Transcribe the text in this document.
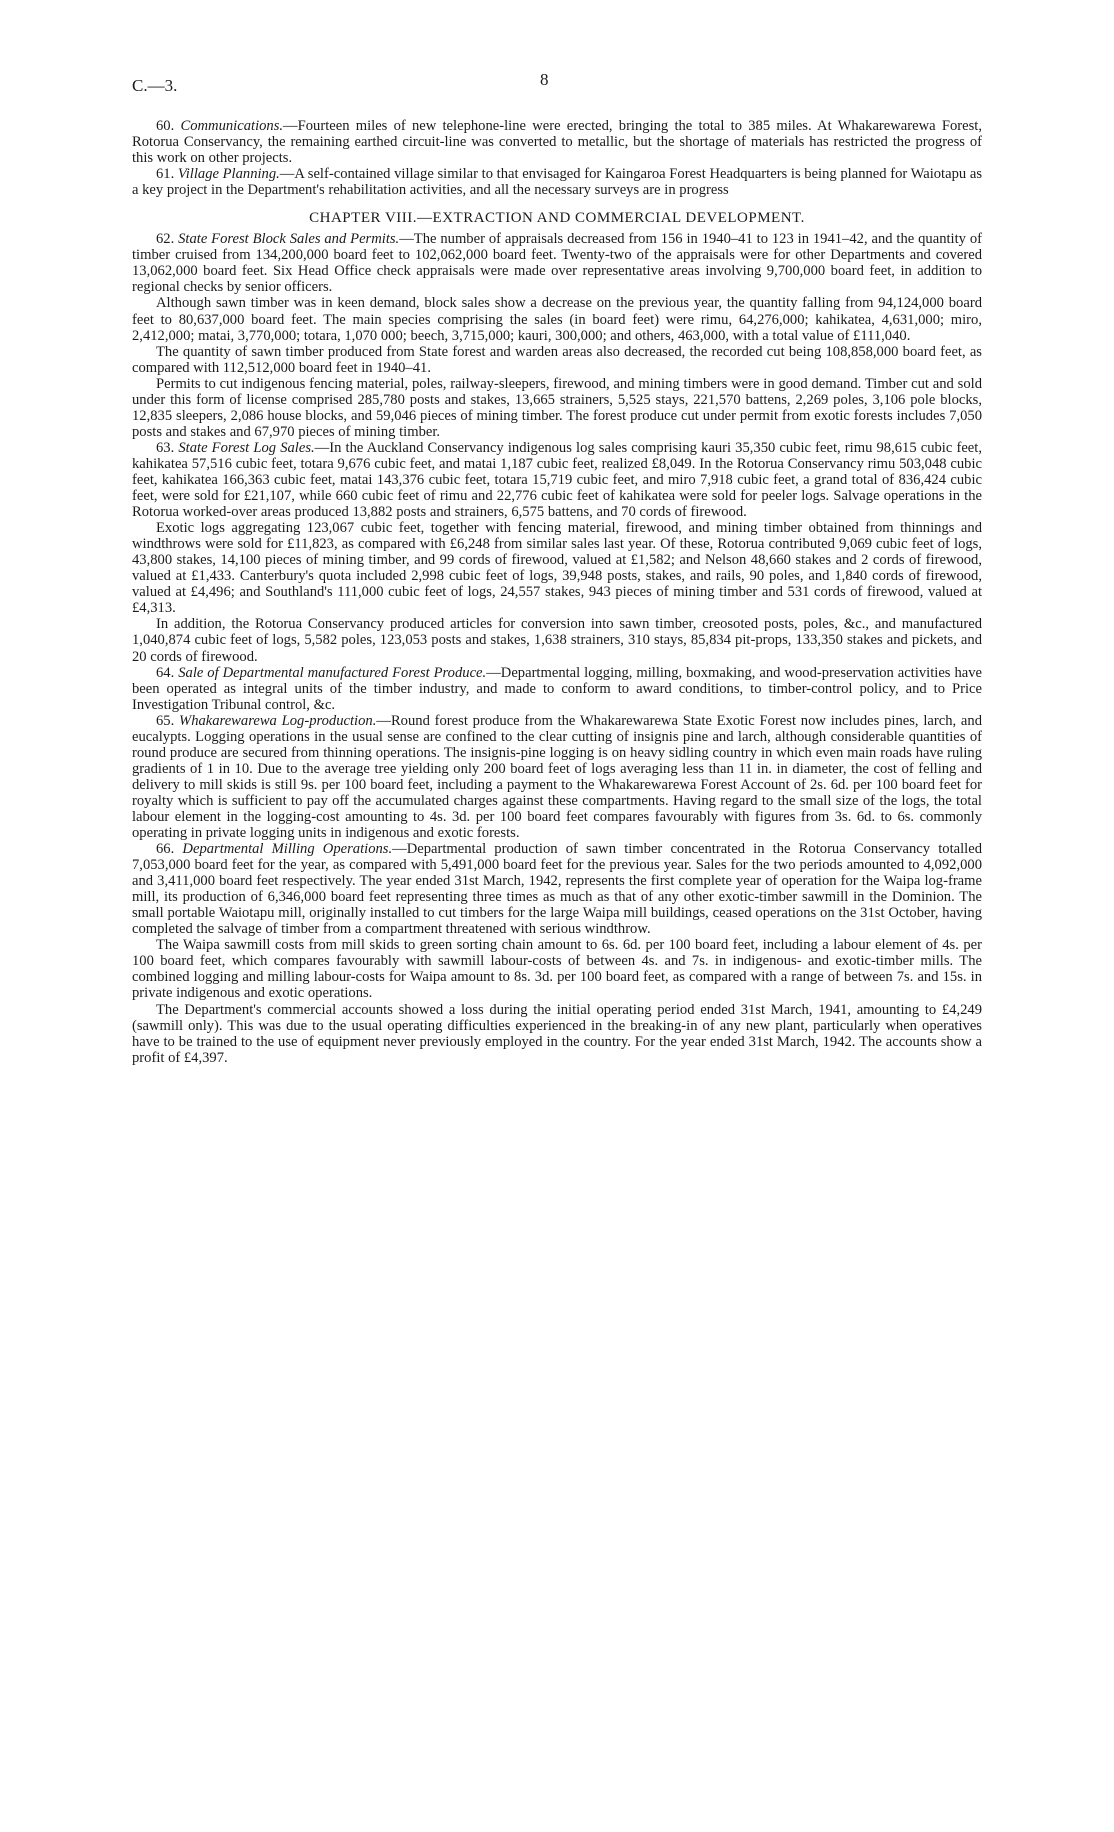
C.—3.	8

60. Communications.—Fourteen miles of new telephone-line were erected, bringing the total to 385 miles. At Whakarewarewa Forest, Rotorua Conservancy, the remaining earthed circuit-line was converted to metallic, but the shortage of materials has restricted the progress of this work on other projects.

61. Village Planning.—A self-contained village similar to that envisaged for Kaingaroa Forest Headquarters is being planned for Waiotapu as a key project in the Department's rehabilitation activities, and all the necessary surveys are in progress

CHAPTER VIII.—EXTRACTION AND COMMERCIAL DEVELOPMENT.

62. State Forest Block Sales and Permits.—The number of appraisals decreased from 156 in 1940–41 to 123 in 1941–42, and the quantity of timber cruised from 134,200,000 board feet to 102,062,000 board feet. Twenty-two of the appraisals were for other Departments and covered 13,062,000 board feet. Six Head Office check appraisals were made over representative areas involving 9,700,000 board feet, in addition to regional checks by senior officers.

Although sawn timber was in keen demand, block sales show a decrease on the previous year, the quantity falling from 94,124,000 board feet to 80,637,000 board feet. The main species comprising the sales (in board feet) were rimu, 64,276,000; kahikatea, 4,631,000; miro, 2,412,000; matai, 3,770,000; totara, 1,070 000; beech, 3,715,000; kauri, 300,000; and others, 463,000, with a total value of £111,040.

The quantity of sawn timber produced from State forest and warden areas also decreased, the recorded cut being 108,858,000 board feet, as compared with 112,512,000 board feet in 1940–41.

Permits to cut indigenous fencing material, poles, railway-sleepers, firewood, and mining timbers were in good demand. Timber cut and sold under this form of license comprised 285,780 posts and stakes, 13,665 strainers, 5,525 stays, 221,570 battens, 2,269 poles, 3,106 pole blocks, 12,835 sleepers, 2,086 house blocks, and 59,046 pieces of mining timber. The forest produce cut under permit from exotic forests includes 7,050 posts and stakes and 67,970 pieces of mining timber.

63. State Forest Log Sales.—In the Auckland Conservancy indigenous log sales comprising kauri 35,350 cubic feet, rimu 98,615 cubic feet, kahikatea 57,516 cubic feet, totara 9,676 cubic feet, and matai 1,187 cubic feet, realized £8,049. In the Rotorua Conservancy rimu 503,048 cubic feet, kahikatea 166,363 cubic feet, matai 143,376 cubic feet, totara 15,719 cubic feet, and miro 7,918 cubic feet, a grand total of 836,424 cubic feet, were sold for £21,107, while 660 cubic feet of rimu and 22,776 cubic feet of kahikatea were sold for peeler logs. Salvage operations in the Rotorua worked-over areas produced 13,882 posts and strainers, 6,575 battens, and 70 cords of firewood.

Exotic logs aggregating 123,067 cubic feet, together with fencing material, firewood, and mining timber obtained from thinnings and windthrows were sold for £11,823, as compared with £6,248 from similar sales last year. Of these, Rotorua contributed 9,069 cubic feet of logs, 43,800 stakes, 14,100 pieces of mining timber, and 99 cords of firewood, valued at £1,582; and Nelson 48,660 stakes and 2 cords of firewood, valued at £1,433. Canterbury's quota included 2,998 cubic feet of logs, 39,948 posts, stakes, and rails, 90 poles, and 1,840 cords of firewood, valued at £4,496; and Southland's 111,000 cubic feet of logs, 24,557 stakes, 943 pieces of mining timber and 531 cords of firewood, valued at £4,313.

In addition, the Rotorua Conservancy produced articles for conversion into sawn timber, creosoted posts, poles, &c., and manufactured 1,040,874 cubic feet of logs, 5,582 poles, 123,053 posts and stakes, 1,638 strainers, 310 stays, 85,834 pit-props, 133,350 stakes and pickets, and 20 cords of firewood.

64. Sale of Departmental manufactured Forest Produce.—Departmental logging, milling, boxmaking, and wood-preservation activities have been operated as integral units of the timber industry, and made to conform to award conditions, to timber-control policy, and to Price Investigation Tribunal control, &c.

65. Whakarewarewa Log-production.—Round forest produce from the Whakarewarewa State Exotic Forest now includes pines, larch, and eucalypts. Logging operations in the usual sense are confined to the clear cutting of insignis pine and larch, although considerable quantities of round produce are secured from thinning operations. The insignis-pine logging is on heavy sidling country in which even main roads have ruling gradients of 1 in 10. Due to the average tree yielding only 200 board feet of logs averaging less than 11 in. in diameter, the cost of felling and delivery to mill skids is still 9s. per 100 board feet, including a payment to the Whakarewarewa Forest Account of 2s. 6d. per 100 board feet for royalty which is sufficient to pay off the accumulated charges against these compartments. Having regard to the small size of the logs, the total labour element in the logging-cost amounting to 4s. 3d. per 100 board feet compares favourably with figures from 3s. 6d. to 6s. commonly operating in private logging units in indigenous and exotic forests.

66. Departmental Milling Operations.—Departmental production of sawn timber concentrated in the Rotorua Conservancy totalled 7,053,000 board feet for the year, as compared with 5,491,000 board feet for the previous year. Sales for the two periods amounted to 4,092,000 and 3,411,000 board feet respectively. The year ended 31st March, 1942, represents the first complete year of operation for the Waipa log-frame mill, its production of 6,346,000 board feet representing three times as much as that of any other exotic-timber sawmill in the Dominion. The small portable Waiotapu mill, originally installed to cut timbers for the large Waipa mill buildings, ceased operations on the 31st October, having completed the salvage of timber from a compartment threatened with serious windthrow.

The Waipa sawmill costs from mill skids to green sorting chain amount to 6s. 6d. per 100 board feet, including a labour element of 4s. per 100 board feet, which compares favourably with sawmill labour-costs of between 4s. and 7s. in indigenous- and exotic-timber mills. The combined logging and milling labour-costs for Waipa amount to 8s. 3d. per 100 board feet, as compared with a range of between 7s. and 15s. in private indigenous and exotic operations.

The Department's commercial accounts showed a loss during the initial operating period ended 31st March, 1941, amounting to £4,249 (sawmill only). This was due to the usual operating difficulties experienced in the breaking-in of any new plant, particularly when operatives have to be trained to the use of equipment never previously employed in the country. For the year ended 31st March, 1942. The accounts show a profit of £4,397.
